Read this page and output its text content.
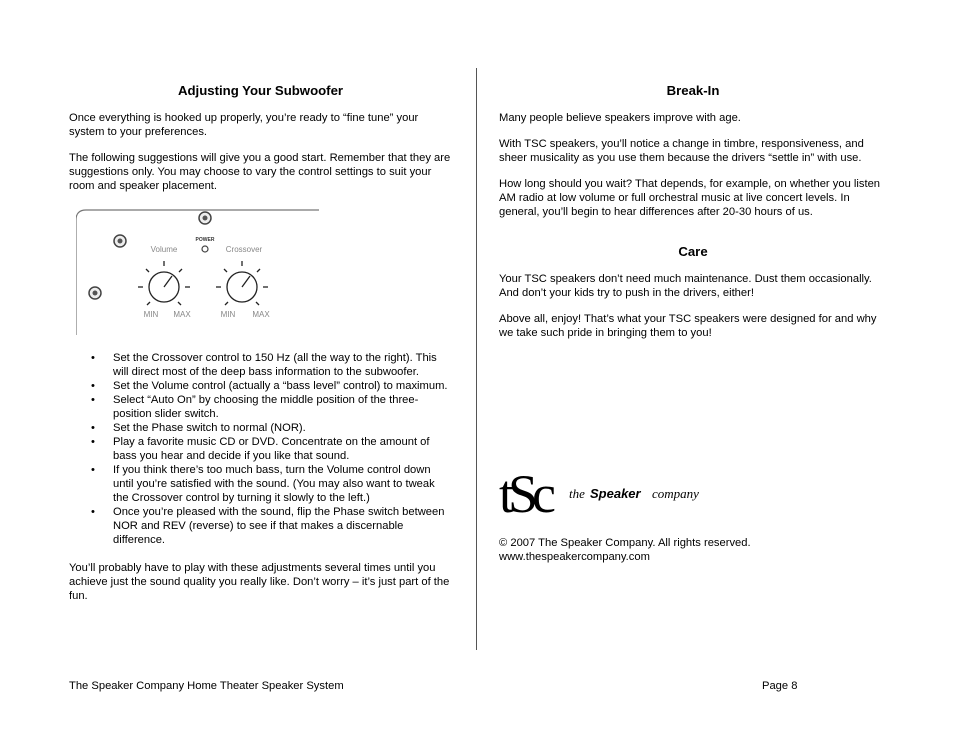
Adjusting Your Subwoofer

Once everything is hooked up properly, you’re ready to “fine tune” your system to your preferences.

The following suggestions will give you a good start. Remember that they are suggestions only. You may choose to vary the control settings to suit your room and speaker placement.

POWER
Volume	Crossover
MIN MAX	MIN MAX
• Set the Crossover control to 150 Hz (all the way to the right). This will direct most of the deep bass information to the subwoofer.
• Set the Volume control (actually a “bass level” control) to maximum.
• Select “Auto On” by choosing the middle position of the three-position slider switch.
• Set the Phase switch to normal (NOR).
• Play a favorite music CD or DVD. Concentrate on the amount of bass you hear and decide if you like that sound.
• If you think there’s too much bass, turn the Volume control down until you’re satisfied with the sound. (You may also want to tweak the Crossover control by turning it slowly to the left.)
• Once you’re pleased with the sound, flip the Phase switch between NOR and REV (reverse) to see if that makes a discernable difference.

You’ll probably have to play with these adjustments several times until you achieve just the sound quality you really like. Don’t worry – it’s just part of the fun.

Break-In

Many people believe speakers improve with age.

With TSC speakers, you’ll notice a change in timbre, responsiveness, and sheer musicality as you use them because the drivers “settle in” with use.

How long should you wait? That depends, for example, on whether you listen AM radio at low volume or full orchestral music at live concert levels. In general, you’ll begin to hear differences after 20-30 hours of us.

Care

Your TSC speakers don’t need much maintenance. Dust them occasionally. And don’t your kids try to push in the drivers, either!

Above all, enjoy! That’s what your TSC speakers were designed for and why we take such pride in bringing them to you!

tSc	the Speaker company

© 2007 The Speaker Company. All rights reserved.

www.thespeakercompany.com

The Speaker Company Home Theater Speaker System	Page 8
